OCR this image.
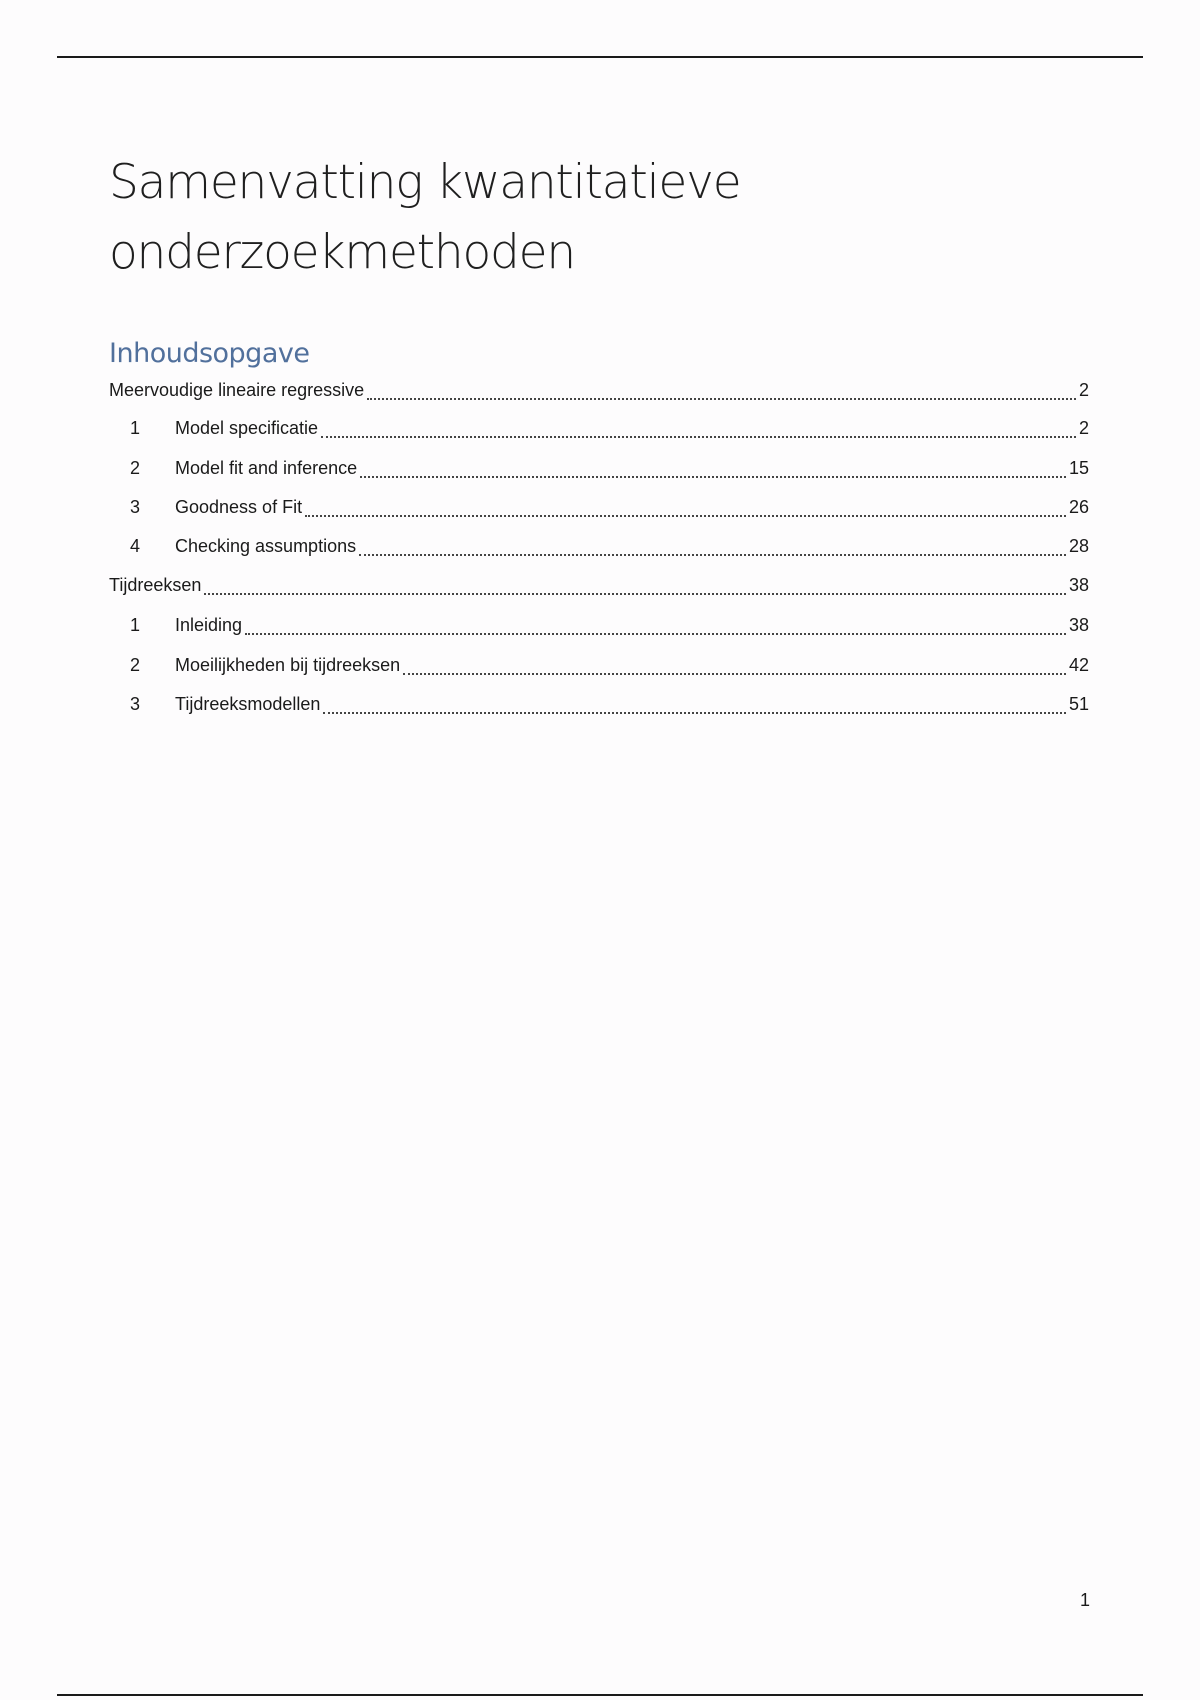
Samenvatting kwantitatieve
onderzoekmethoden
Inhoudsopgave
Meervoudige lineaire regressive	2
1	Model specificatie	2
2	Model fit and inference	15
3	Goodness of Fit	26
4	Checking assumptions	28
Tijdreeksen	38
1	Inleiding	38
2	Moeilijkheden bij tijdreeksen	42
3	Tijdreeksmodellen	51
1
